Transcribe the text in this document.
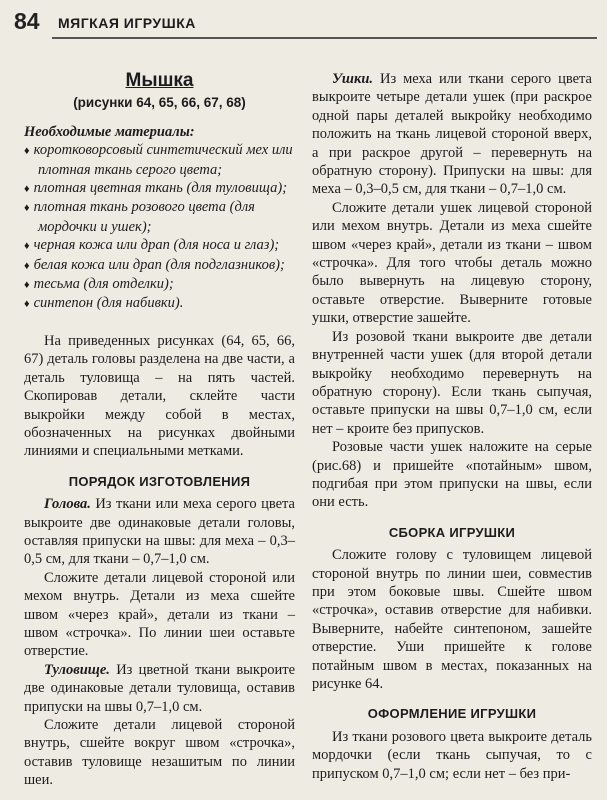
84 МЯГКАЯ ИГРУШКА
Мышка
(рисунки 64, 65, 66, 67, 68)

Необходимые материалы:

♦ коротковорсовый синтетический мех или плотная ткань серого цвета;
♦ плотная цветная ткань (для туловища);
♦ плотная ткань розового цвета (для мордочки и ушек);
♦ черная кожа или драп (для носа и глаз);
♦ белая кожа или драп (для подглазников);
♦ тесьма (для отделки);
♦ синтепон (для набивки).

На приведенных рисунках (64, 65, 66, 67) деталь головы разделена на две части, а деталь туловища – на пять частей. Скопировав детали, склейте части выкройки между собой в местах, обозначенных на рисунках двойными линиями и специальными метками.

ПОРЯДОК ИЗГОТОВЛЕНИЯ

Голова. Из ткани или меха серого цвета выкроите две одинаковые детали головы, оставляя припуски на швы: для меха – 0,3–0,5 см, для ткани – 0,7–1,0 см.

Сложите детали лицевой стороной или мехом внутрь. Детали из меха сшейте швом «через край», детали из ткани – швом «строчка». По линии шеи оставьте отверстие.

Туловище. Из цветной ткани выкроите две одинаковые детали туловища, оставив припуски на швы 0,7–1,0 см.

Сложите детали лицевой стороной внутрь, сшейте вокруг швом «строчка», оставив туловище незашитым по линии шеи.

Ушки. Из меха или ткани серого цвета выкроите четыре детали ушек (при раскрое одной пары деталей выкройку необходимо положить на ткань лицевой стороной вверх, а при раскрое другой – перевернуть на обратную сторону). Припуски на швы: для меха – 0,3–0,5 см, для ткани – 0,7–1,0 см.

Сложите детали ушек лицевой стороной или мехом внутрь. Детали из меха сшейте швом «через край», детали из ткани – швом «строчка». Для того чтобы деталь можно было вывернуть на лицевую сторону, оставьте отверстие. Выверните готовые ушки, отверстие зашейте.

Из розовой ткани выкроите две детали внутренней части ушек (для второй детали выкройку необходимо перевернуть на обратную сторону). Если ткань сыпучая, оставьте припуски на швы 0,7–1,0 см, если нет – кроите без припусков.

Розовые части ушек наложите на серые (рис.68) и пришейте «потайным» швом, подгибая при этом припуски на швы, если они есть.

СБОРКА ИГРУШКИ

Сложите голову с туловищем лицевой стороной внутрь по линии шеи, совместив при этом боковые швы. Сшейте швом «строчка», оставив отверстие для набивки. Выверните, набейте синтепоном, зашейте отверстие. Уши пришейте к голове потайным швом в местах, показанных на рисунке 64.

ОФОРМЛЕНИЕ ИГРУШКИ

Из ткани розового цвета выкроите деталь мордочки (если ткань сыпучая, то с припуском 0,7–1,0 см; если нет – без при-
